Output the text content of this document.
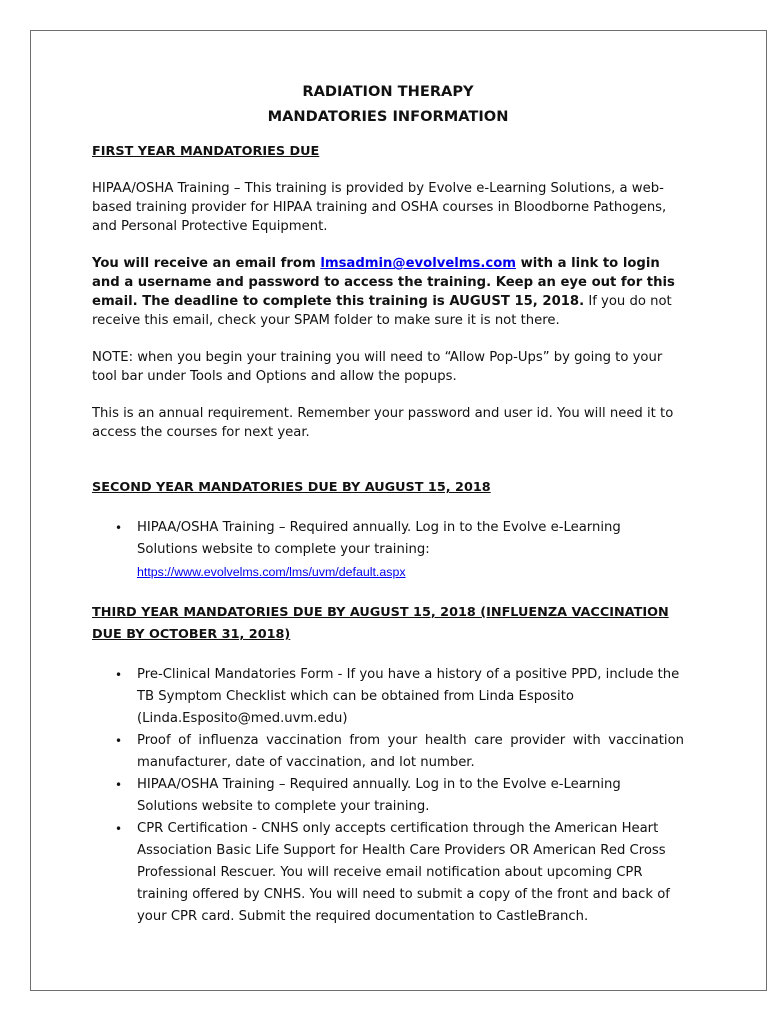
RADIATION THERAPY

MANDATORIES INFORMATION

FIRST YEAR MANDATORIES DUE

HIPAA/OSHA Training – This training is provided by Evolve e-Learning Solutions, a web-based training provider for HIPAA training and OSHA courses in Bloodborne Pathogens, and Personal Protective Equipment.

You will receive an email from lmsadmin@evolvelms.com with a link to login and a username and password to access the training. Keep an eye out for this email. The deadline to complete this training is AUGUST 15, 2018. If you do not receive this email, check your SPAM folder to make sure it is not there.

NOTE: when you begin your training you will need to “Allow Pop-Ups” by going to your tool bar under Tools and Options and allow the popups.

This is an annual requirement. Remember your password and user id. You will need it to access the courses for next year.

SECOND YEAR MANDATORIES DUE BY AUGUST 15, 2018

• HIPAA/OSHA Training – Required annually. Log in to the Evolve e-Learning Solutions website to complete your training: https://www.evolvelms.com/lms/uvm/default.aspx

THIRD YEAR MANDATORIES DUE BY AUGUST 15, 2018 (INFLUENZA VACCINATION DUE BY OCTOBER 31, 2018)

• Pre-Clinical Mandatories Form - If you have a history of a positive PPD, include the TB Symptom Checklist which can be obtained from Linda Esposito (Linda.Esposito@med.uvm.edu)
• Proof of influenza vaccination from your health care provider with vaccination manufacturer, date of vaccination, and lot number.
• HIPAA/OSHA Training – Required annually. Log in to the Evolve e-Learning Solutions website to complete your training.
• CPR Certification - CNHS only accepts certification through the American Heart Association Basic Life Support for Health Care Providers OR American Red Cross Professional Rescuer. You will receive email notification about upcoming CPR training offered by CNHS. You will need to submit a copy of the front and back of your CPR card. Submit the required documentation to CastleBranch.
